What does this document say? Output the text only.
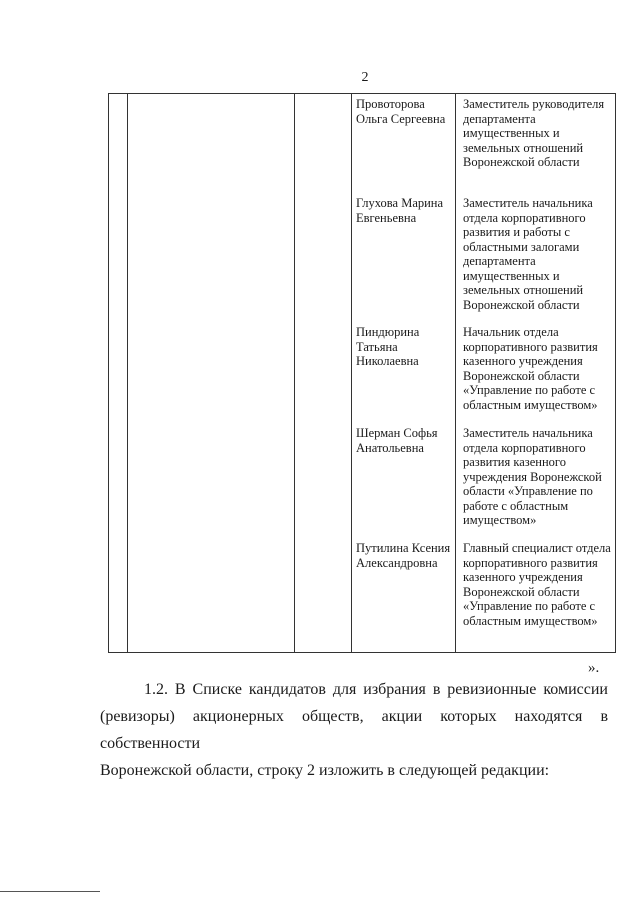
2
Провоторова Ольга Сергеевна
Заместитель руководителя департамента имущественных и земельных отношений Воронежской области
Глухова Марина Евгеньевна
Заместитель начальника отдела корпоративного развития и работы с областными залогами департамента имущественных и земельных отношений Воронежской области
Пиндюрина Татьяна Николаевна
Начальник отдела корпоративного развития казенного учреждения Воронежской области «Управление по работе с областным имуществом»
Шерман Софья Анатольевна
Заместитель начальника отдела корпоративного развития казенного учреждения Воронежской области «Управление по работе с областным имуществом»
Путилина Ксения Александровна
Главный специалист отдела корпоративного развития казенного учреждения Воронежской области «Управление по работе с областным имуществом»
».
1.2. В Списке кандидатов для избрания в ревизионные комиссии
(ревизоры) акционерных обществ, акции которых находятся в собственности
Воронежской области, строку 2 изложить в следующей редакции:
